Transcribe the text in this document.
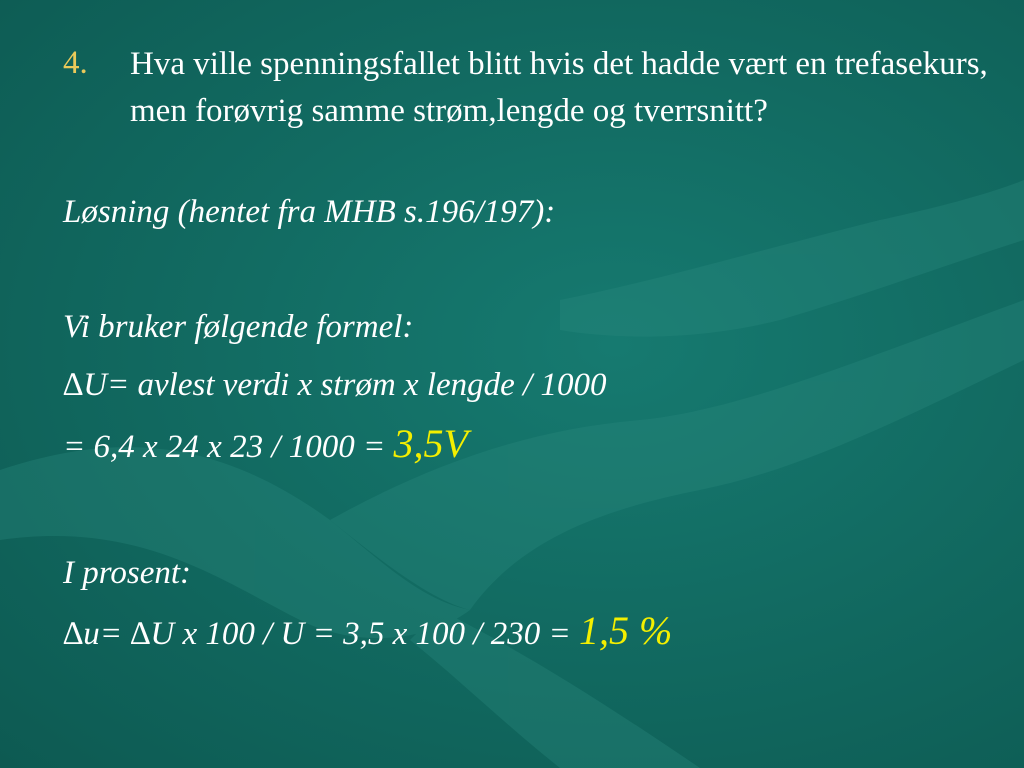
4. Hva ville spenningsfallet blitt hvis det hadde vært en trefasekurs, men forøvrig samme strøm,lengde og tverrsnitt?
Løsning (hentet fra MHB s.196/197):
Vi bruker følgende formel:
∆U= avlest verdi x strøm x lengde / 1000
= 6,4 x 24 x 23 / 1000 = 3,5V
I prosent:
∆u= ∆U x 100 / U = 3,5 x 100 / 230 = 1,5 %
